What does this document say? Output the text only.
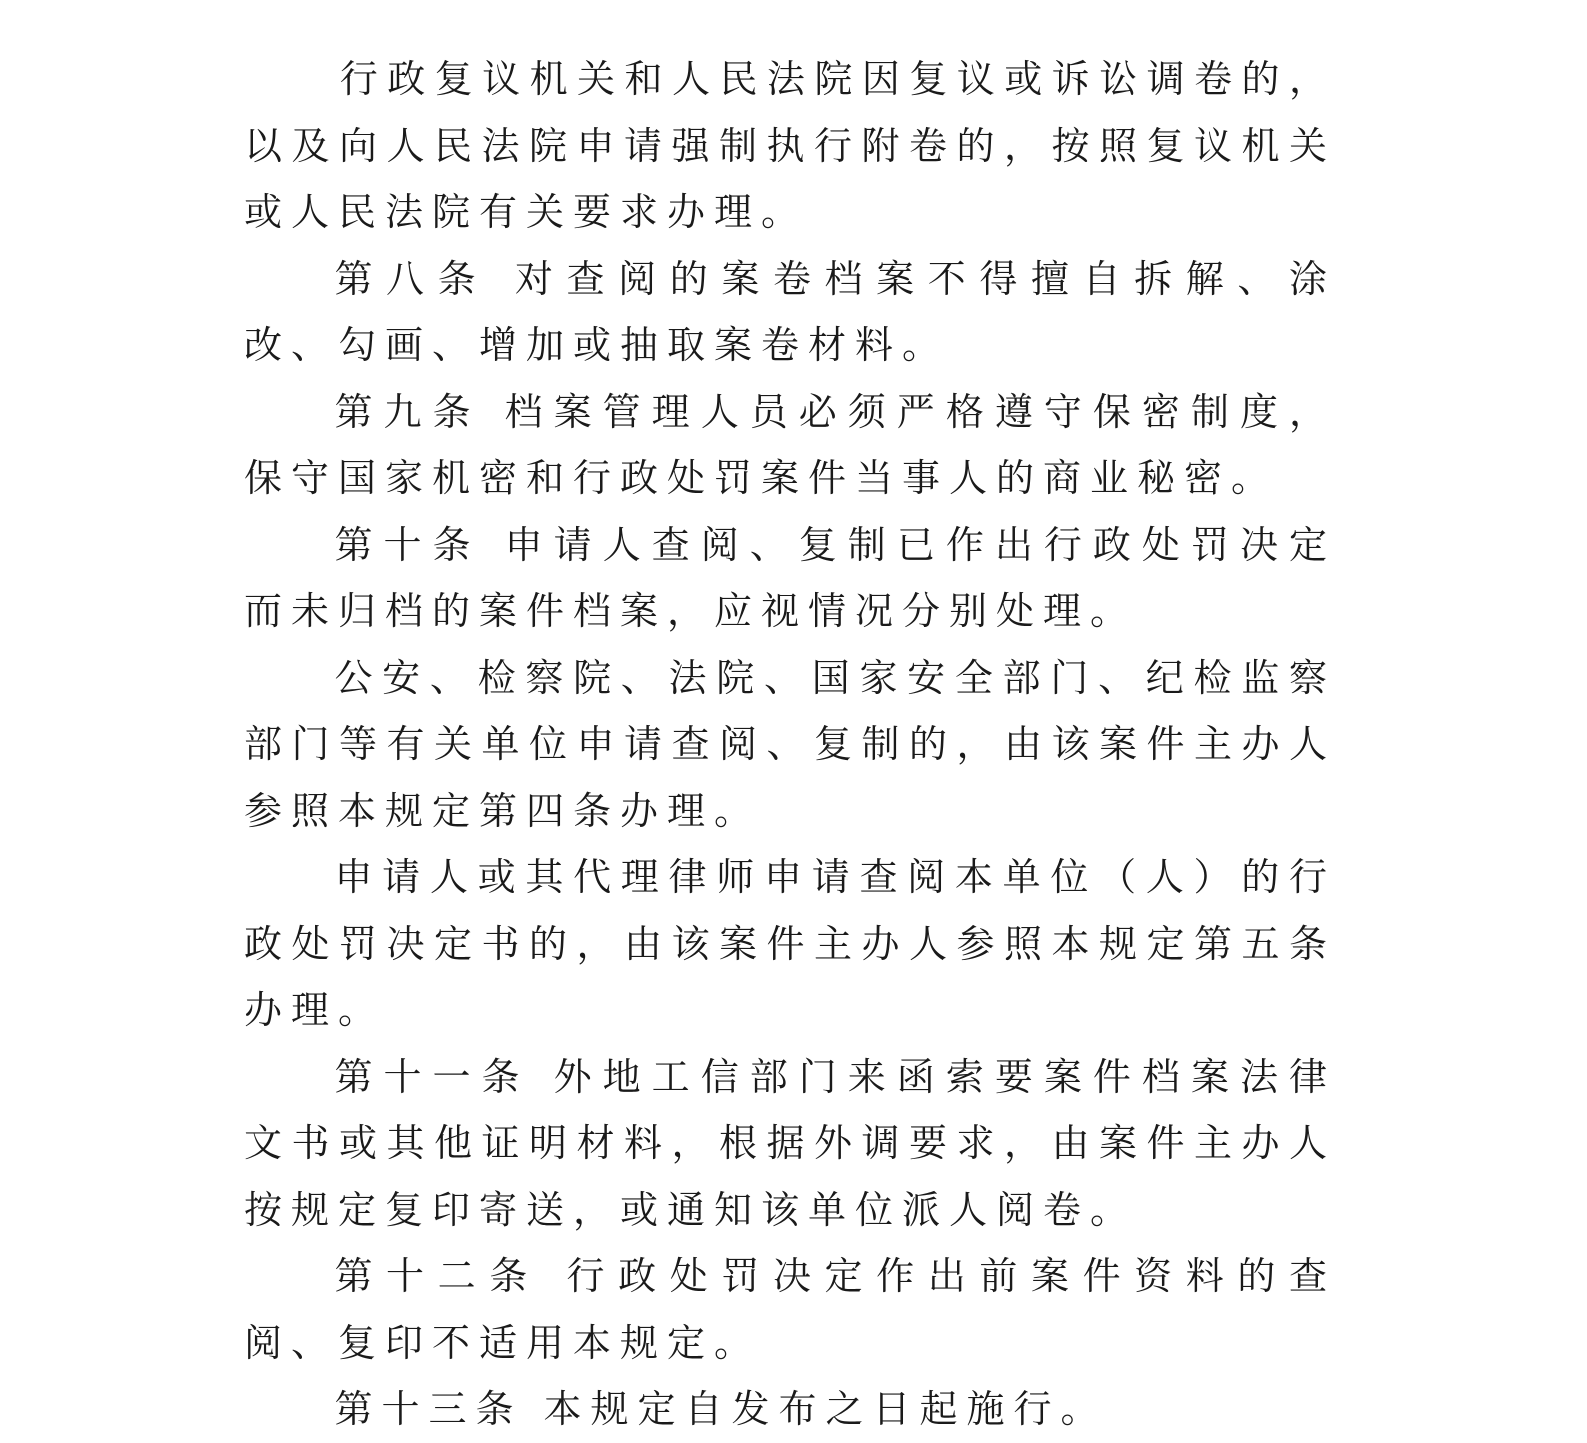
行政复议机关和人民法院因复议或诉讼调卷的，以及向人民法院申请强制执行附卷的，按照复议机关或人民法院有关要求办理。

第八条 对查阅的案卷档案不得擅自拆解、涂改、勾画、增加或抽取案卷材料。

第九条 档案管理人员必须严格遵守保密制度，保守国家机密和行政处罚案件当事人的商业秘密。

第十条 申请人查阅、复制已作出行政处罚决定而未归档的案件档案，应视情况分别处理。

公安、检察院、法院、国家安全部门、纪检监察部门等有关单位申请查阅、复制的，由该案件主办人参照本规定第四条办理。

申请人或其代理律师申请查阅本单位（人）的行政处罚决定书的，由该案件主办人参照本规定第五条办理。

第十一条 外地工信部门来函索要案件档案法律文书或其他证明材料，根据外调要求，由案件主办人按规定复印寄送，或通知该单位派人阅卷。

第十二条 行政处罚决定作出前案件资料的查阅、复印不适用本规定。

第十三条 本规定自发布之日起施行。
